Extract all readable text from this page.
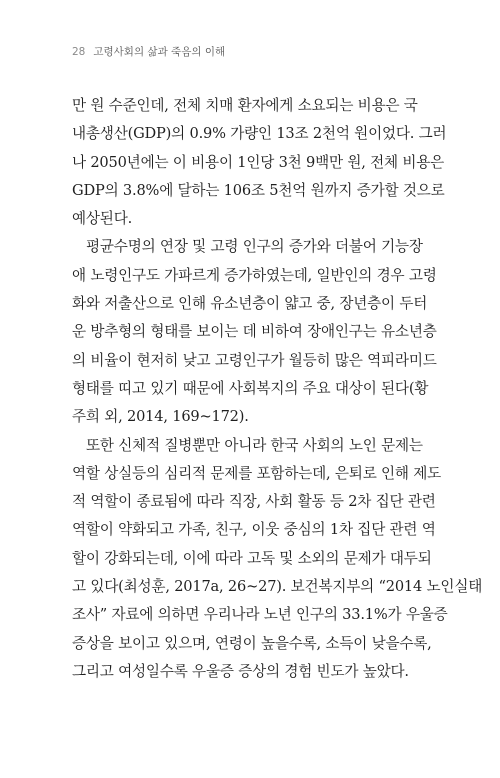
28 고령사회의 삶과 죽음의 이해
만 원 수준인데, 전체 치매 환자에게 소요되는 비용은 국
내총생산(GDP)의 0.9% 가량인 13조 2천억 원이었다. 그러
나 2050년에는 이 비용이 1인당 3천 9백만 원, 전체 비용은
GDP의 3.8%에 달하는 106조 5천억 원까지 증가할 것으로
예상된다.
평균수명의 연장 및 고령 인구의 증가와 더불어 기능장
애 노령인구도 가파르게 증가하였는데, 일반인의 경우 고령
화와 저출산으로 인해 유소년층이 얇고 중, 장년층이 두터
운 방추형의 형태를 보이는 데 비하여 장애인구는 유소년층
의 비율이 현저히 낮고 고령인구가 월등히 많은 역피라미드
형태를 띠고 있기 때문에 사회복지의 주요 대상이 된다(황
주희 외, 2014, 169~172).
또한 신체적 질병뿐만 아니라 한국 사회의 노인 문제는
역할 상실등의 심리적 문제를 포함하는데, 은퇴로 인해 제도
적 역할이 종료됨에 따라 직장, 사회 활동 등 2차 집단 관련
역할이 약화되고 가족, 친구, 이웃 중심의 1차 집단 관련 역
할이 강화되는데, 이에 따라 고독 및 소외의 문제가 대두되
고 있다(최성훈, 2017a, 26~27). 보건복지부의 “2014 노인실태
조사” 자료에 의하면 우리나라 노년 인구의 33.1%가 우울증
증상을 보이고 있으며, 연령이 높을수록, 소득이 낮을수록,
그리고 여성일수록 우울증 증상의 경험 빈도가 높았다.
